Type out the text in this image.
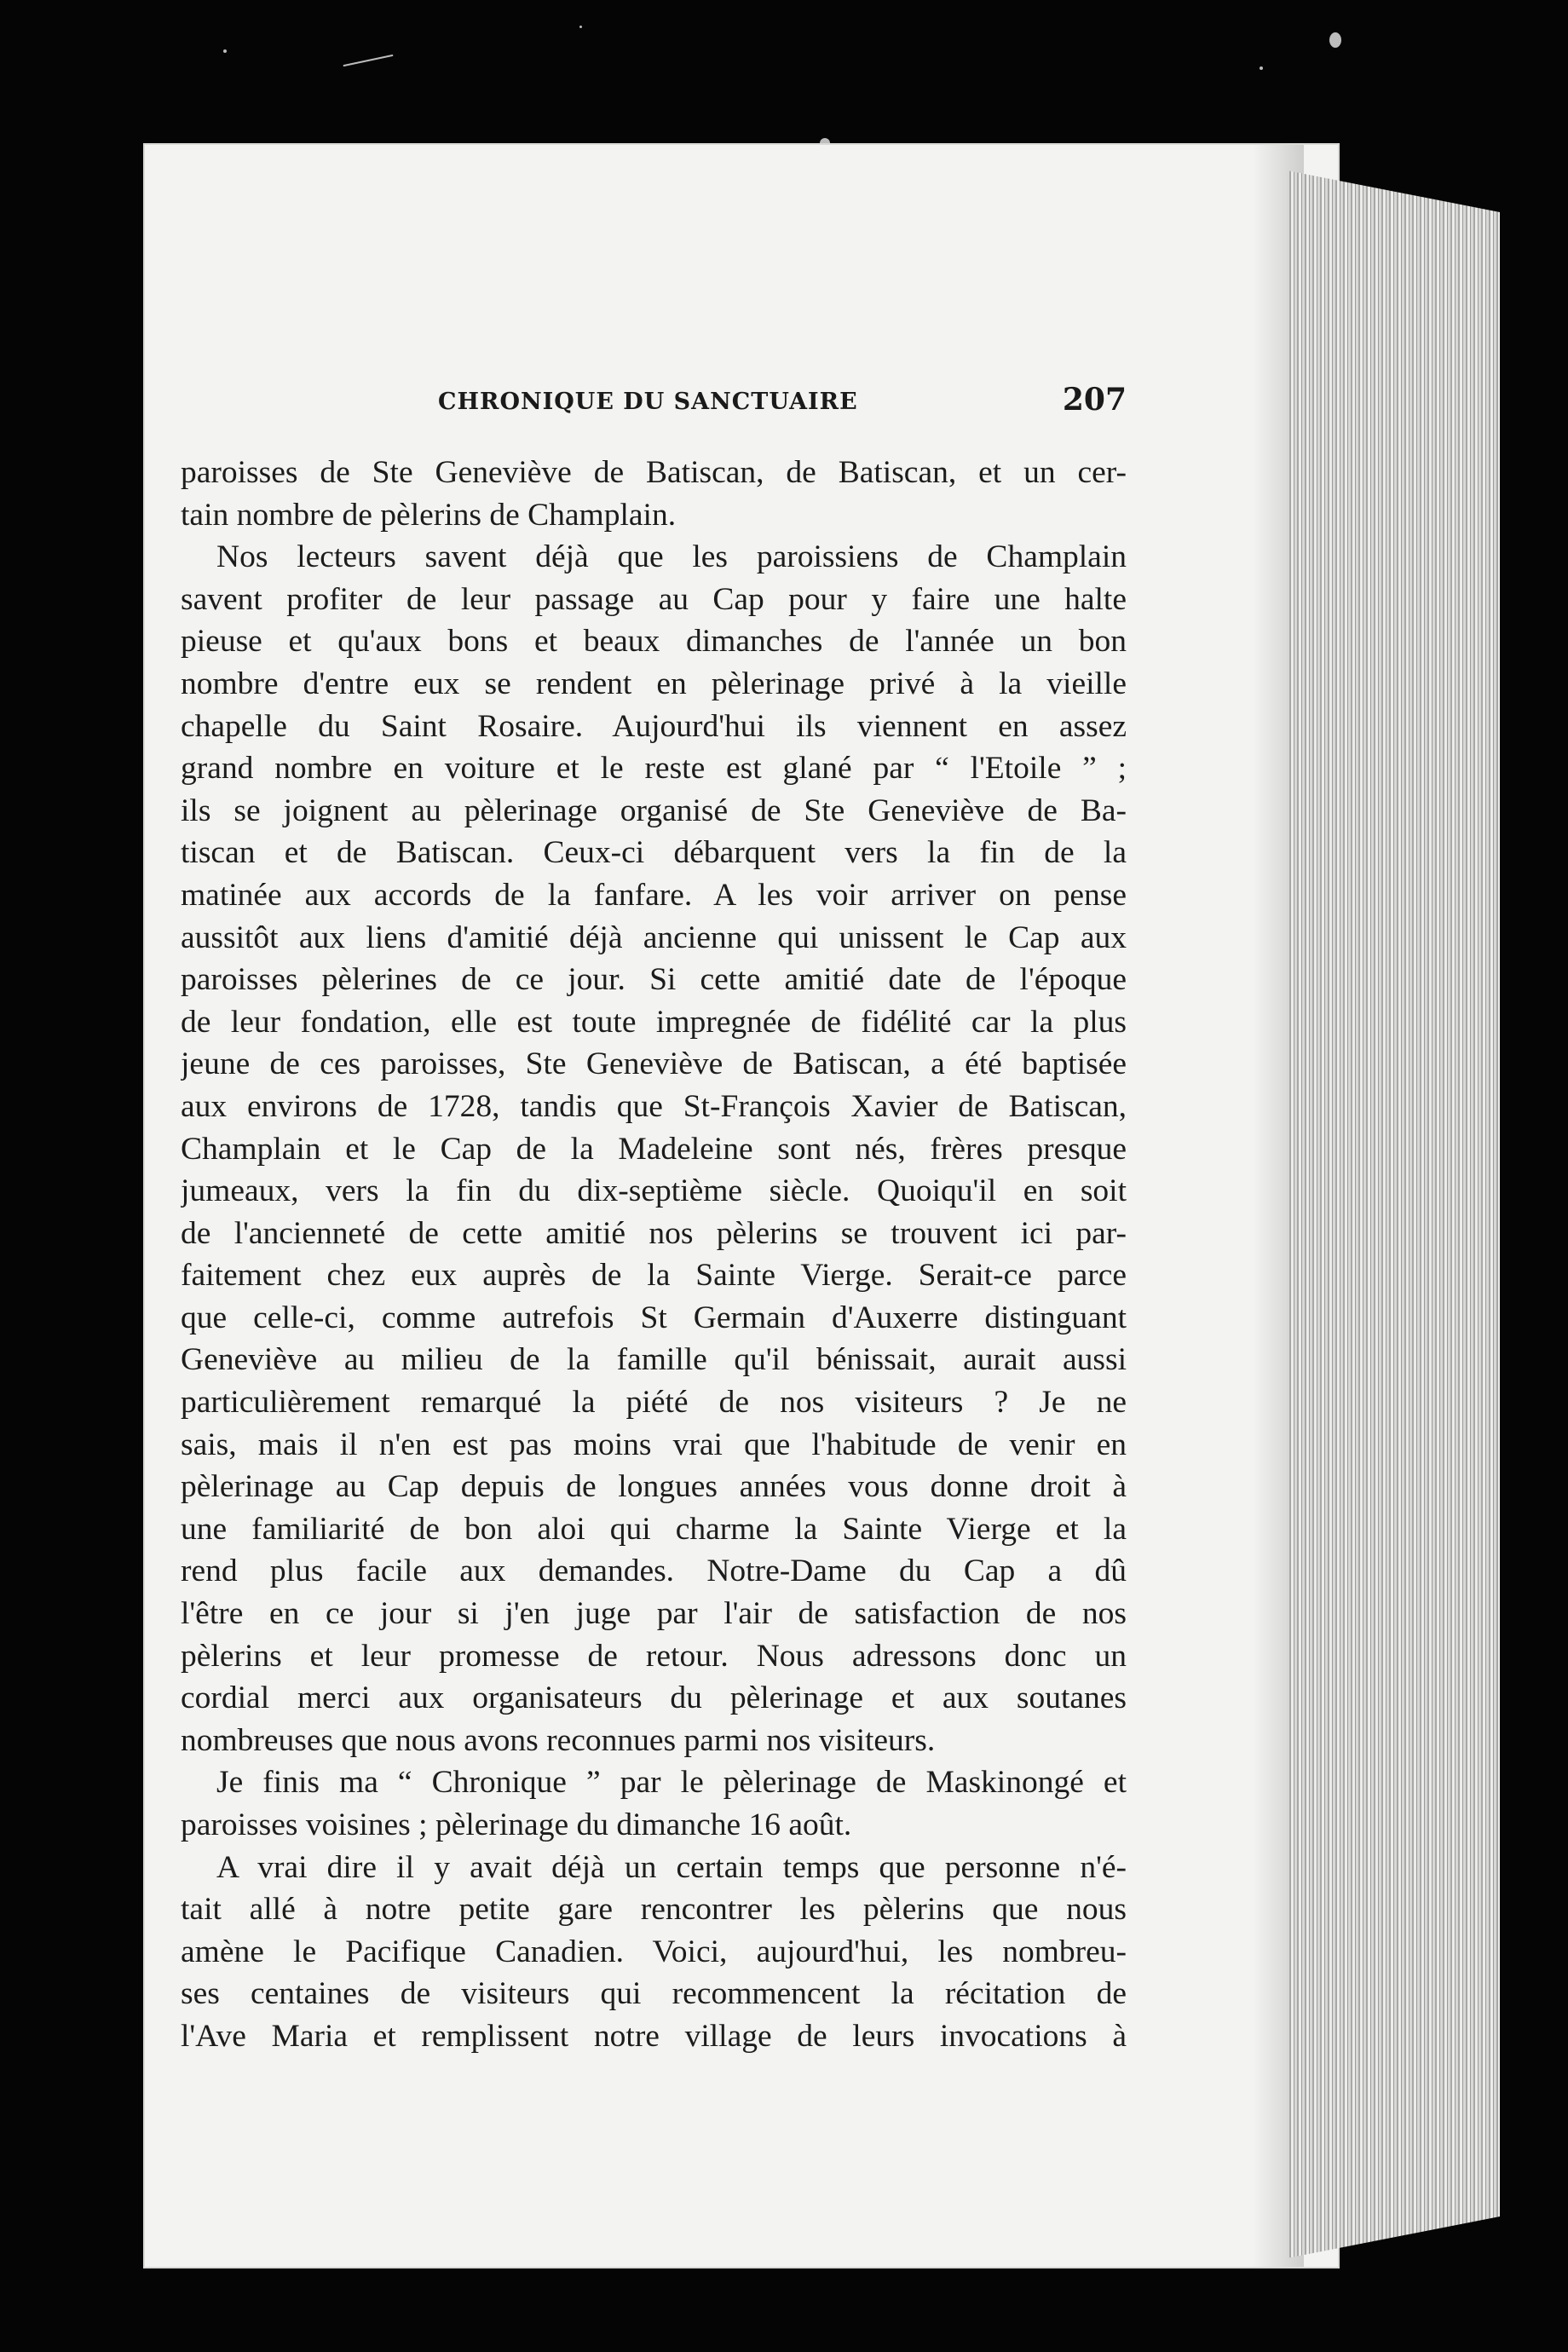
CHRONIQUE DU SANCTUAIRE	207
paroisses de Ste Geneviève de Batiscan, de Batiscan, et un cer-
tain nombre de pèlerins de Champlain.
Nos lecteurs savent déjà que les paroissiens de Champlain
savent profiter de leur passage au Cap pour y faire une halte
pieuse et qu'aux bons et beaux dimanches de l'année un bon
nombre d'entre eux se rendent en pèlerinage privé à la vieille
chapelle du Saint Rosaire. Aujourd'hui ils viennent en assez
grand nombre en voiture et le reste est glané par “ l'Etoile ” ;
ils se joignent au pèlerinage organisé de Ste Geneviève de Ba-
tiscan et de Batiscan. Ceux-ci débarquent vers la fin de la
matinée aux accords de la fanfare. A les voir arriver on pense
aussitôt aux liens d'amitié déjà ancienne qui unissent le Cap aux
paroisses pèlerines de ce jour. Si cette amitié date de l'époque
de leur fondation, elle est toute impregnée de fidélité car la plus
jeune de ces paroisses, Ste Geneviève de Batiscan, a été baptisée
aux environs de 1728, tandis que St-François Xavier de Batiscan,
Champlain et le Cap de la Madeleine sont nés, frères presque
jumeaux, vers la fin du dix-septième siècle. Quoiqu'il en soit
de l'ancienneté de cette amitié nos pèlerins se trouvent ici par-
faitement chez eux auprès de la Sainte Vierge. Serait-ce parce
que celle-ci, comme autrefois St Germain d'Auxerre distinguant
Geneviève au milieu de la famille qu'il bénissait, aurait aussi
particulièrement remarqué la piété de nos visiteurs ? Je ne
sais, mais il n'en est pas moins vrai que l'habitude de venir en
pèlerinage au Cap depuis de longues années vous donne droit à
une familiarité de bon aloi qui charme la Sainte Vierge et la
rend plus facile aux demandes. Notre-Dame du Cap a dû
l'être en ce jour si j'en juge par l'air de satisfaction de nos
pèlerins et leur promesse de retour. Nous adressons donc un
cordial merci aux organisateurs du pèlerinage et aux soutanes
nombreuses que nous avons reconnues parmi nos visiteurs.
Je finis ma “ Chronique ” par le pèlerinage de Maskinongé et
paroisses voisines ; pèlerinage du dimanche 16 août.
A vrai dire il y avait déjà un certain temps que personne n'é-
tait allé à notre petite gare rencontrer les pèlerins que nous
amène le Pacifique Canadien. Voici, aujourd'hui, les nombreu-
ses centaines de visiteurs qui recommencent la récitation de
l'Ave Maria et remplissent notre village de leurs invocations à
